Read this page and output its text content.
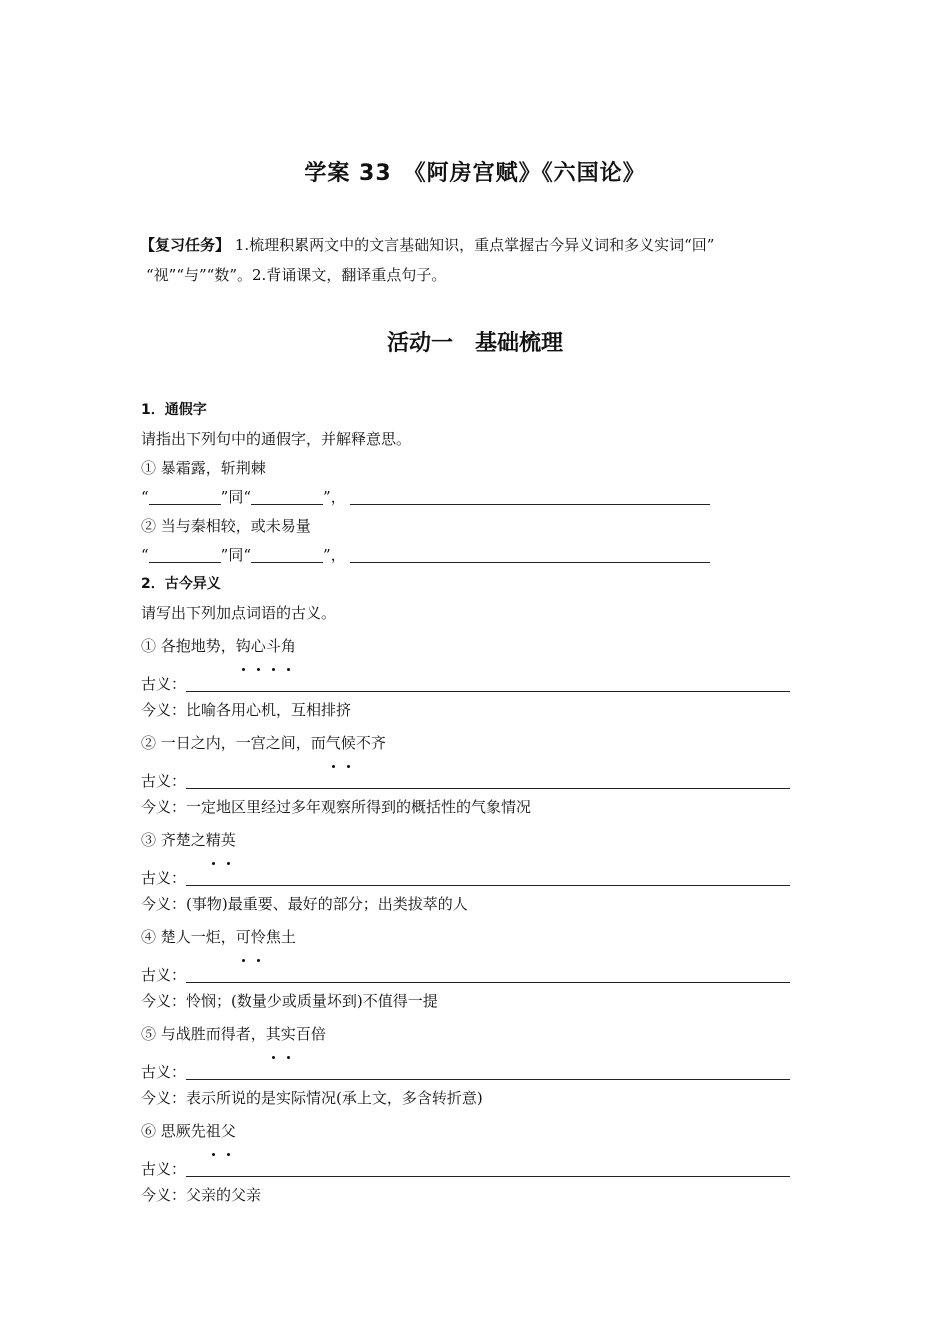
学案 33　《阿房宫赋》《六国论》
【复习任务】 1.梳理积累两文中的文言基础知识，重点掌握古今异义词和多义实词“回”
“视”“与”“数”。2.背诵课文，翻译重点句子。
活动一　基础梳理
1．通假字
请指出下列句中的通假字，并解释意思。
① 暴霜露，斩荆棘
“	”同“	”，
② 当与秦相较，或未易量
“	”同“	”，
2．古今异义
请写出下列加点词语的古义。
① 各抱地势，钩心斗角
古义：
今义：比喻各用心机，互相排挤
② 一日之内，一宫之间，而气候不齐
古义：
今义：一定地区里经过多年观察所得到的概括性的气象情况
③ 齐楚之精英
古义：
今义：(事物)最重要、最好的部分；出类拔萃的人
④ 楚人一炬，可怜焦土
古义：
今义：怜悯；(数量少或质量坏到)不值得一提
⑤ 与战胜而得者，其实百倍
古义：
今义：表示所说的是实际情况(承上文，多含转折意)
⑥ 思厥先祖父
古义：
今义：父亲的父亲
